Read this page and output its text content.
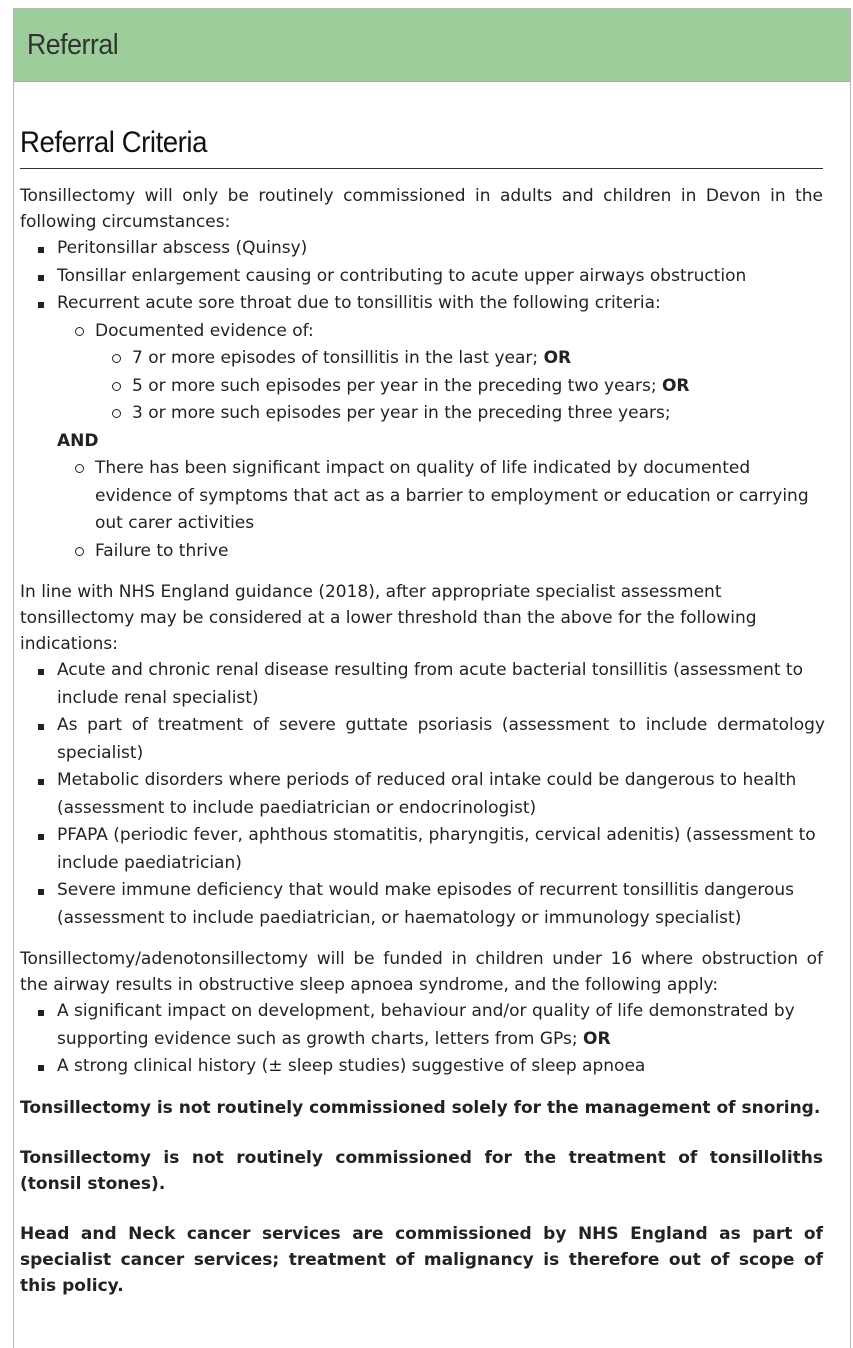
Referral
Referral Criteria

Tonsillectomy will only be routinely commissioned in adults and children in Devon in the following circumstances:

Peritonsillar abscess (Quinsy)
Tonsillar enlargement causing or contributing to acute upper airways obstruction
Recurrent acute sore throat due to tonsillitis with the following criteria:
Documented evidence of:
7 or more episodes of tonsillitis in the last year; OR
5 or more such episodes per year in the preceding two years; OR
3 or more such episodes per year in the preceding three years;
AND
There has been significant impact on quality of life indicated by documented evidence of symptoms that act as a barrier to employment or education or carrying out carer activities
Failure to thrive

In line with NHS England guidance (2018), after appropriate specialist assessment tonsillectomy may be considered at a lower threshold than the above for the following indications:

Acute and chronic renal disease resulting from acute bacterial tonsillitis (assessment to include renal specialist)
As part of treatment of severe guttate psoriasis (assessment to include dermatology specialist)
Metabolic disorders where periods of reduced oral intake could be dangerous to health (assessment to include paediatrician or endocrinologist)
PFAPA (periodic fever, aphthous stomatitis, pharyngitis, cervical adenitis) (assessment to include paediatrician)
Severe immune deficiency that would make episodes of recurrent tonsillitis dangerous (assessment to include paediatrician, or haematology or immunology specialist)

Tonsillectomy/adenotonsillectomy will be funded in children under 16 where obstruction of the airway results in obstructive sleep apnoea syndrome, and the following apply:

A significant impact on development, behaviour and/or quality of life demonstrated by supporting evidence such as growth charts, letters from GPs; OR
A strong clinical history (± sleep studies) suggestive of sleep apnoea

Tonsillectomy is not routinely commissioned solely for the management of snoring.

Tonsillectomy is not routinely commissioned for the treatment of tonsilloliths (tonsil stones).

Head and Neck cancer services are commissioned by NHS England as part of specialist cancer services; treatment of malignancy is therefore out of scope of this policy.
